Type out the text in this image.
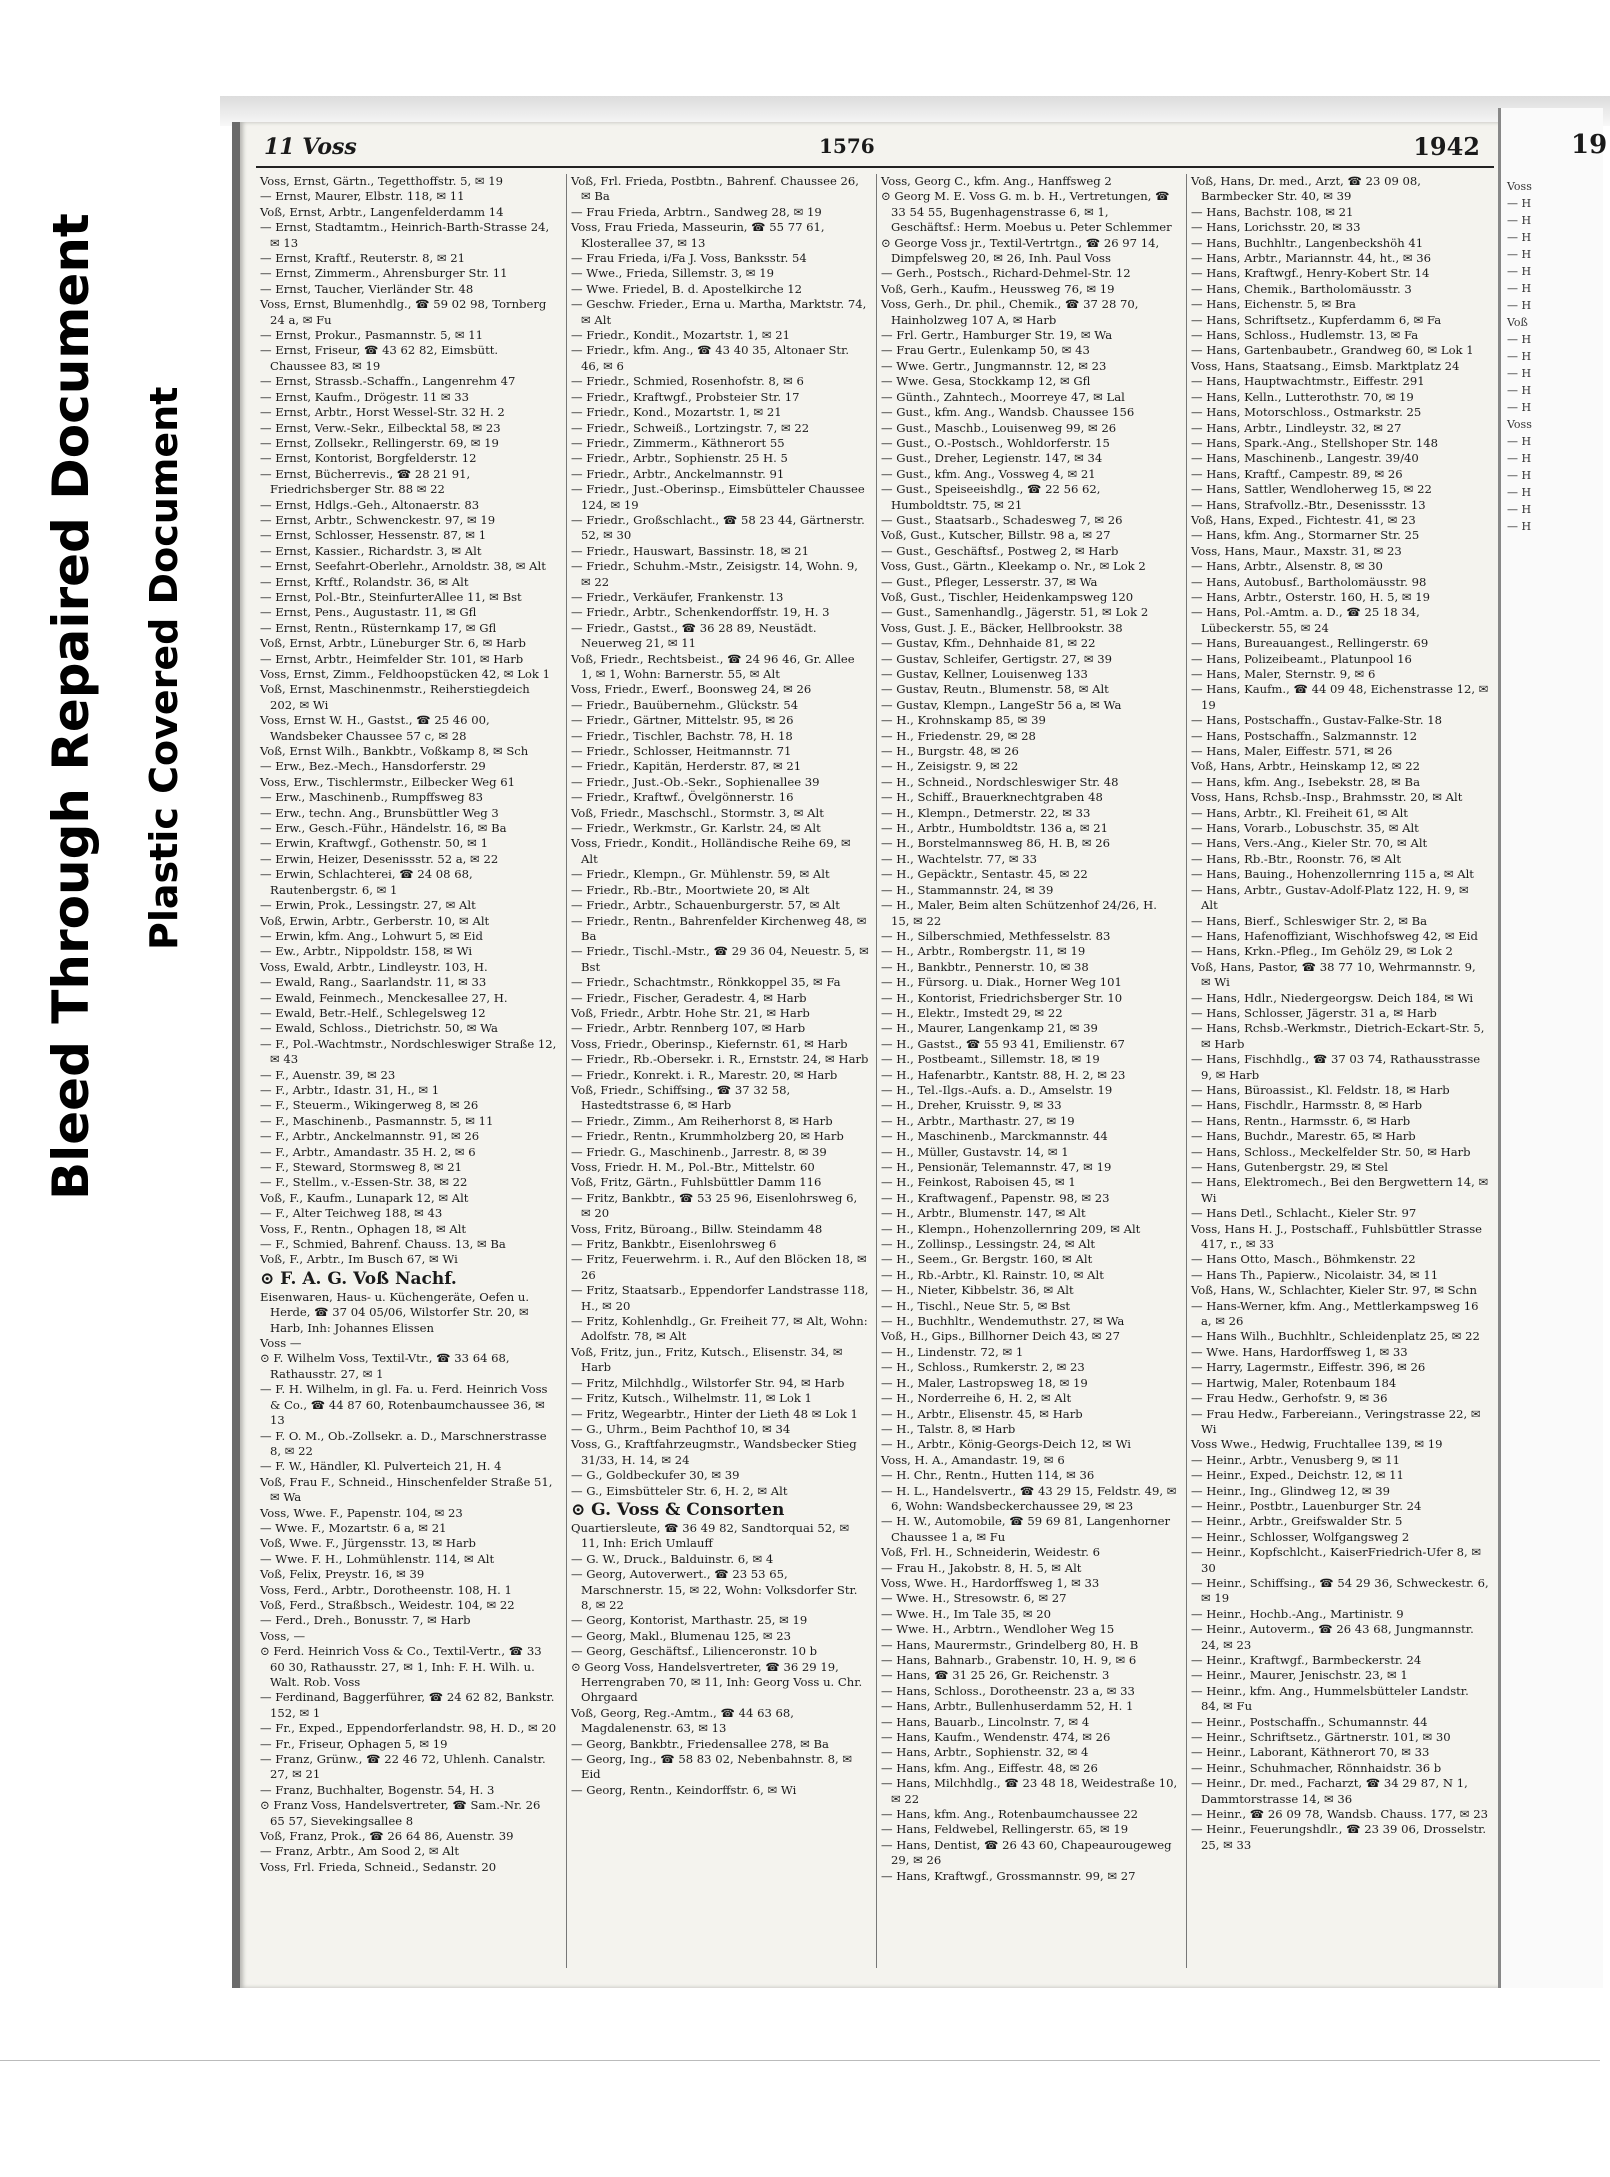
Bleed Through Repaired Document Plastic Covered Document
11 Voss	1576	1942
Voss, Ernst, Gärtn., Tegetthoffstr. 5, ✉ 19
— Ernst, Maurer, Elbstr. 118, ✉ 11
Voß, Ernst, Arbtr., Langenfelderdamm 14
— Ernst, Stadtamtm., Heinrich-Barth-Strasse 24, ✉ 13
— Ernst, Kraftf., Reuterstr. 8, ✉ 21
— Ernst, Zimmerm., Ahrensburger Str. 11
— Ernst, Taucher, Vierländer Str. 48
Voss, Ernst, Blumenhdlg., ☎ 59 02 98, Tornberg 24 a, ✉ Fu
— Ernst, Prokur., Pasmannstr. 5, ✉ 11
— Ernst, Friseur, ☎ 43 62 82, Eimsbütt. Chaussee 83, ✉ 19
— Ernst, Strassb.-Schaffn., Langenrehm 47
— Ernst, Kaufm., Drögestr. 11 ✉ 33
— Ernst, Arbtr., Horst Wessel-Str. 32 H. 2
— Ernst, Verw.-Sekr., Eilbecktal 58, ✉ 23
— Ernst, Zollsekr., Rellingerstr. 69, ✉ 19
— Ernst, Kontorist, Borgfelderstr. 12
— Ernst, Bücherrevis., ☎ 28 21 91, Friedrichsberger Str. 88 ✉ 22
— Ernst, Hdlgs.-Geh., Altonaerstr. 83
— Ernst, Arbtr., Schwenckestr. 97, ✉ 19
— Ernst, Schlosser, Hessenstr. 87, ✉ 1
— Ernst, Kassier., Richardstr. 3, ✉ Alt
— Ernst, Seefahrt-Oberlehr., Arnoldstr. 38, ✉ Alt
— Ernst, Krftf., Rolandstr. 36, ✉ Alt
— Ernst, Pol.-Btr., SteinfurterAllee 11, ✉ Bst
— Ernst, Pens., Augustastr. 11, ✉ Gfl
— Ernst, Rentn., Rüsternkamp 17, ✉ Gfl
Voß, Ernst, Arbtr., Lüneburger Str. 6, ✉ Harb
— Ernst, Arbtr., Heimfelder Str. 101, ✉ Harb
Voss, Ernst, Zimm., Feldhoopstücken 42, ✉ Lok 1
Voß, Ernst, Maschinenmstr., Reiherstiegdeich 202, ✉ Wi
Voss, Ernst W. H., Gastst., ☎ 25 46 00, Wandsbeker Chaussee 57 c, ✉ 28
Voß, Ernst Wilh., Bankbtr., Voßkamp 8, ✉ Sch
— Erw., Bez.-Mech., Hansdorferstr. 29
Voss, Erw., Tischlermstr., Eilbecker Weg 61
— Erw., Maschinenb., Rumpffsweg 83
— Erw., techn. Ang., Brunsbüttler Weg 3
— Erw., Gesch.-Führ., Händelstr. 16, ✉ Ba
— Erwin, Kraftwgf., Gothenstr. 50, ✉ 1
— Erwin, Heizer, Desenissstr. 52 a, ✉ 22
— Erwin, Schlachterei, ☎ 24 08 68, Rautenbergstr. 6, ✉ 1
— Erwin, Prok., Lessingstr. 27, ✉ Alt
Voß, Erwin, Arbtr., Gerberstr. 10, ✉ Alt
— Erwin, kfm. Ang., Lohwurt 5, ✉ Eid
— Ew., Arbtr., Nippoldstr. 158, ✉ Wi
Voss, Ewald, Arbtr., Lindleystr. 103, H.
— Ewald, Rang., Saarlandstr. 11, ✉ 33
— Ewald, Feinmech., Menckesallee 27, H.
— Ewald, Betr.-Helf., Schlegelsweg 12
— Ewald, Schloss., Dietrichstr. 50, ✉ Wa
— F., Pol.-Wachtmstr., Nordschleswiger Straße 12, ✉ 43
— F., Auenstr. 39, ✉ 23
— F., Arbtr., Idastr. 31, H., ✉ 1
— F., Steuerm., Wikingerweg 8, ✉ 26
— F., Maschinenb., Pasmannstr. 5, ✉ 11
— F., Arbtr., Anckelmannstr. 91, ✉ 26
— F., Arbtr., Amandastr. 35 H. 2, ✉ 6
— F., Steward, Stormsweg 8, ✉ 21
— F., Stellm., v.-Essen-Str. 38, ✉ 22
Voß, F., Kaufm., Lunapark 12, ✉ Alt
— F., Alter Teichweg 188, ✉ 43
Voss, F., Rentn., Ophagen 18, ✉ Alt
— F., Schmied, Bahrenf. Chauss. 13, ✉ Ba
Voß, F., Arbtr., Im Busch 67, ✉ Wi
⊙ F. A. G. Voß Nachf.
Eisenwaren, Haus- u. Küchengeräte, Oefen u. Herde, ☎ 37 04 05/06, Wilstorfer Str. 20, ✉ Harb, Inh: Johannes Elissen
Voss —
⊙ F. Wilhelm Voss, Textil-Vtr., ☎ 33 64 68, Rathausstr. 27, ✉ 1
— F. H. Wilhelm, in gl. Fa. u. Ferd. Heinrich Voss & Co., ☎ 44 87 60, Rotenbaumchaussee 36, ✉ 13
— F. O. M., Ob.-Zollsekr. a. D., Marschnerstrasse 8, ✉ 22
— F. W., Händler, Kl. Pulverteich 21, H. 4
Voß, Frau F., Schneid., Hinschenfelder Straße 51, ✉ Wa
Voss, Wwe. F., Papenstr. 104, ✉ 23
— Wwe. F., Mozartstr. 6 a, ✉ 21
Voß, Wwe. F., Jürgensstr. 13, ✉ Harb
— Wwe. F. H., Lohmühlenstr. 114, ✉ Alt
Voß, Felix, Preystr. 16, ✉ 39
Voss, Ferd., Arbtr., Dorotheenstr. 108, H. 1
Voß, Ferd., Straßbsch., Weidestr. 104, ✉ 22
— Ferd., Dreh., Bonusstr. 7, ✉ Harb
Voss, —
⊙ Ferd. Heinrich Voss & Co., Textil-Vertr., ☎ 33 60 30, Rathausstr. 27, ✉ 1, Inh: F. H. Wilh. u. Walt. Rob. Voss
— Ferdinand, Baggerführer, ☎ 24 62 82, Bankstr. 152, ✉ 1
— Fr., Exped., Eppendorferlandstr. 98, H. D., ✉ 20
— Fr., Friseur, Ophagen 5, ✉ 19
— Franz, Grünw., ☎ 22 46 72, Uhlenh. Canalstr. 27, ✉ 21
— Franz, Buchhalter, Bogenstr. 54, H. 3
⊙ Franz Voss, Handelsvertreter, ☎ Sam.-Nr. 26 65 57, Sievekingsallee 8
Voß, Franz, Prok., ☎ 26 64 86, Auenstr. 39
— Franz, Arbtr., Am Sood 2, ✉ Alt
Voss, Frl. Frieda, Schneid., Sedanstr. 20
Voß, Frl. Frieda, Postbtn., Bahrenf. Chaussee 26, ✉ Ba
— Frau Frieda, Arbtrn., Sandweg 28, ✉ 19
Voss, Frau Frieda, Masseurin, ☎ 55 77 61, Klosterallee 37, ✉ 13
— Frau Frieda, i/Fa J. Voss, Banksstr. 54
— Wwe., Frieda, Sillemstr. 3, ✉ 19
— Wwe. Friedel, B. d. Apostelkirche 12
— Geschw. Frieder., Erna u. Martha, Marktstr. 74, ✉ Alt
— Friedr., Kondit., Mozartstr. 1, ✉ 21
— Friedr., kfm. Ang., ☎ 43 40 35, Altonaer Str. 46, ✉ 6
— Friedr., Schmied, Rosenhofstr. 8, ✉ 6
— Friedr., Kraftwgf., Probsteier Str. 17
— Friedr., Kond., Mozartstr. 1, ✉ 21
— Friedr., Schweiß., Lortzingstr. 7, ✉ 22
— Friedr., Zimmerm., Käthnerort 55
— Friedr., Arbtr., Sophienstr. 25 H. 5
— Friedr., Arbtr., Anckelmannstr. 91
— Friedr., Just.-Oberinsp., Eimsbütteler Chaussee 124, ✉ 19
— Friedr., Großschlacht., ☎ 58 23 44, Gärtnerstr. 52, ✉ 30
— Friedr., Hauswart, Bassinstr. 18, ✉ 21
— Friedr., Schuhm.-Mstr., Zeisigstr. 14, Wohn. 9, ✉ 22
— Friedr., Verkäufer, Frankenstr. 13
— Friedr., Arbtr., Schenkendorffstr. 19, H. 3
— Friedr., Gastst., ☎ 36 28 89, Neustädt. Neuerweg 21, ✉ 11
Voß, Friedr., Rechtsbeist., ☎ 24 96 46, Gr. Allee 1, ✉ 1, Wohn: Barnerstr. 55, ✉ Alt
Voss, Friedr., Ewerf., Boonsweg 24, ✉ 26
— Friedr., Bauübernehm., Glückstr. 54
— Friedr., Gärtner, Mittelstr. 95, ✉ 26
— Friedr., Tischler, Bachstr. 78, H. 18
— Friedr., Schlosser, Heitmannstr. 71
— Friedr., Kapitän, Herderstr. 87, ✉ 21
— Friedr., Just.-Ob.-Sekr., Sophienallee 39
— Friedr., Kraftwf., Övelgönnerstr. 16
Voß, Friedr., Maschschl., Stormstr. 3, ✉ Alt
— Friedr., Werkmstr., Gr. Karlstr. 24, ✉ Alt
Voss, Friedr., Kondit., Holländische Reihe 69, ✉ Alt
— Friedr., Klempn., Gr. Mühlenstr. 59, ✉ Alt
— Friedr., Rb.-Btr., Moortwiete 20, ✉ Alt
— Friedr., Arbtr., Schauenburgerstr. 57, ✉ Alt
— Friedr., Rentn., Bahrenfelder Kirchenweg 48, ✉ Ba
— Friedr., Tischl.-Mstr., ☎ 29 36 04, Neuestr. 5, ✉ Bst
— Friedr., Schachtmstr., Rönkkoppel 35, ✉ Fa
— Friedr., Fischer, Geradestr. 4, ✉ Harb
Voß, Friedr., Arbtr. Hohe Str. 21, ✉ Harb
— Friedr., Arbtr. Rennberg 107, ✉ Harb
Voss, Friedr., Oberinsp., Kiefernstr. 61, ✉ Harb
— Friedr., Rb.-Obersekr. i. R., Ernststr. 24, ✉ Harb
— Friedr., Konrekt. i. R., Marestr. 20, ✉ Harb
Voß, Friedr., Schiffsing., ☎ 37 32 58, Hastedtstrasse 6, ✉ Harb
— Friedr., Zimm., Am Reiherhorst 8, ✉ Harb
— Friedr., Rentn., Krummholzberg 20, ✉ Harb
— Friedr. G., Maschinenb., Jarrestr. 8, ✉ 39
Voss, Friedr. H. M., Pol.-Btr., Mittelstr. 60
Voß, Fritz, Gärtn., Fuhlsbüttler Damm 116
— Fritz, Bankbtr., ☎ 53 25 96, Eisenlohrsweg 6, ✉ 20
Voss, Fritz, Büroang., Billw. Steindamm 48
— Fritz, Bankbtr., Eisenlohrsweg 6
— Fritz, Feuerwehrm. i. R., Auf den Blöcken 18, ✉ 26
— Fritz, Staatsarb., Eppendorfer Landstrasse 118, H., ✉ 20
— Fritz, Kohlenhdlg., Gr. Freiheit 77, ✉ Alt, Wohn: Adolfstr. 78, ✉ Alt
Voß, Fritz, jun., Fritz, Kutsch., Elisenstr. 34, ✉ Harb
— Fritz, Milchhdlg., Wilstorfer Str. 94, ✉ Harb
— Fritz, Kutsch., Wilhelmstr. 11, ✉ Lok 1
— Fritz, Wegearbtr., Hinter der Lieth 48 ✉ Lok 1
— G., Uhrm., Beim Pachthof 10, ✉ 34
Voss, G., Kraftfahrzeugmstr., Wandsbecker Stieg 31/33, H. 14, ✉ 24
— G., Goldbeckufer 30, ✉ 39
— G., Eimsbütteler Str. 6, H. 2, ✉ Alt
⊙ G. Voss & Consorten
Quartiersleute, ☎ 36 49 82, Sandtorquai 52, ✉ 11, Inh: Erich Umlauff
— G. W., Druck., Balduinstr. 6, ✉ 4
— Georg, Autoverwert., ☎ 23 53 65, Marschnerstr. 15, ✉ 22, Wohn: Volksdorfer Str. 8, ✉ 22
— Georg, Kontorist, Marthastr. 25, ✉ 19
— Georg, Makl., Blumenau 125, ✉ 23
— Georg, Geschäftsf., Lilienceronstr. 10 b
⊙ Georg Voss, Handelsvertreter, ☎ 36 29 19, Herrengraben 70, ✉ 11, Inh: Georg Voss u. Chr. Ohrgaard
Voß, Georg, Reg.-Amtm., ☎ 44 63 68, Magdalenenstr. 63, ✉ 13
— Georg, Bankbtr., Friedensallee 278, ✉ Ba
— Georg, Ing., ☎ 58 83 02, Nebenbahnstr. 8, ✉ Eid
— Georg, Rentn., Keindorffstr. 6, ✉ Wi
Voss, Georg C., kfm. Ang., Hanffsweg 2
⊙ Georg M. E. Voss G. m. b. H., Vertretungen, ☎ 33 54 55, Bugenhagenstrasse 6, ✉ 1, Geschäftsf.: Herm. Moebus u. Peter Schlemmer
⊙ George Voss jr., Textil-Vertrtgn., ☎ 26 97 14, Dimpfelsweg 20, ✉ 26, Inh. Paul Voss
— Gerh., Postsch., Richard-Dehmel-Str. 12
Voß, Gerh., Kaufm., Heussweg 76, ✉ 19
Voss, Gerh., Dr. phil., Chemik., ☎ 37 28 70, Hainholzweg 107 A, ✉ Harb
— Frl. Gertr., Hamburger Str. 19, ✉ Wa
— Frau Gertr., Eulenkamp 50, ✉ 43
— Wwe. Gertr., Jungmannstr. 12, ✉ 23
— Wwe. Gesa, Stockkamp 12, ✉ Gfl
— Günth., Zahntech., Moorreye 47, ✉ Lal
— Gust., kfm. Ang., Wandsb. Chaussee 156
— Gust., Maschb., Louisenweg 99, ✉ 26
— Gust., O.-Postsch., Wohldorferstr. 15
— Gust., Dreher, Legienstr. 147, ✉ 34
— Gust., kfm. Ang., Vossweg 4, ✉ 21
— Gust., Speiseeishdlg., ☎ 22 56 62, Humboldtstr. 75, ✉ 21
— Gust., Staatsarb., Schadesweg 7, ✉ 26
Voß, Gust., Kutscher, Billstr. 98 a, ✉ 27
— Gust., Geschäftsf., Postweg 2, ✉ Harb
Voss, Gust., Gärtn., Kleekamp o. Nr., ✉ Lok 2
— Gust., Pfleger, Lesserstr. 37, ✉ Wa
Voß, Gust., Tischler, Heidenkampsweg 120
— Gust., Samenhandlg., Jägerstr. 51, ✉ Lok 2
Voss, Gust. J. E., Bäcker, Hellbrookstr. 38
— Gustav, Kfm., Dehnhaide 81, ✉ 22
— Gustav, Schleifer, Gertigstr. 27, ✉ 39
— Gustav, Kellner, Louisenweg 133
— Gustav, Reutn., Blumenstr. 58, ✉ Alt
— Gustav, Klempn., LangeStr 56 a, ✉ Wa
— H., Krohnskamp 85, ✉ 39
— H., Friedenstr. 29, ✉ 28
— H., Burgstr. 48, ✉ 26
— H., Zeisigstr. 9, ✉ 22
— H., Schneid., Nordschleswiger Str. 48
— H., Schiff., Brauerknechtgraben 48
— H., Klempn., Detmerstr. 22, ✉ 33
— H., Arbtr., Humboldtstr. 136 a, ✉ 21
— H., Borstelmannsweg 86, H. B, ✉ 26
— H., Wachtelstr. 77, ✉ 33
— H., Gepäcktr., Sentastr. 45, ✉ 22
— H., Stammannstr. 24, ✉ 39
— H., Maler, Beim alten Schützenhof 24/26, H. 15, ✉ 22
— H., Silberschmied, Methfesselstr. 83
— H., Arbtr., Rombergstr. 11, ✉ 19
— H., Bankbtr., Pennerstr. 10, ✉ 38
— H., Fürsorg. u. Diak., Horner Weg 101
— H., Kontorist, Friedrichsberger Str. 10
— H., Elektr., Imstedt 29, ✉ 22
— H., Maurer, Langenkamp 21, ✉ 39
— H., Gastst., ☎ 55 93 41, Emilienstr. 67
— H., Postbeamt., Sillemstr. 18, ✉ 19
— H., Hafenarbtr., Kantstr. 88, H. 2, ✉ 23
— H., Tel.-Ilgs.-Aufs. a. D., Amselstr. 19
— H., Dreher, Kruisstr. 9, ✉ 33
— H., Arbtr., Marthastr. 27, ✉ 19
— H., Maschinenb., Marckmannstr. 44
— H., Müller, Gustavstr. 14, ✉ 1
— H., Pensionär, Telemannstr. 47, ✉ 19
— H., Feinkost, Raboisen 45, ✉ 1
— H., Kraftwagenf., Papenstr. 98, ✉ 23
— H., Arbtr., Blumenstr. 147, ✉ Alt
— H., Klempn., Hohenzollernring 209, ✉ Alt
— H., Zollinsp., Lessingstr. 24, ✉ Alt
— H., Seem., Gr. Bergstr. 160, ✉ Alt
— H., Rb.-Arbtr., Kl. Rainstr. 10, ✉ Alt
— H., Nieter, Kibbelstr. 36, ✉ Alt
— H., Tischl., Neue Str. 5, ✉ Bst
— H., Buchhltr., Wendemuthstr. 27, ✉ Wa
Voß, H., Gips., Billhorner Deich 43, ✉ 27
— H., Lindenstr. 72, ✉ 1
— H., Schloss., Rumkerstr. 2, ✉ 23
— H., Maler, Lastropsweg 18, ✉ 19
— H., Norderreihe 6, H. 2, ✉ Alt
— H., Arbtr., Elisenstr. 45, ✉ Harb
— H., Talstr. 8, ✉ Harb
— H., Arbtr., König-Georgs-Deich 12, ✉ Wi
Voss, H. A., Amandastr. 19, ✉ 6
— H. Chr., Rentn., Hutten 114, ✉ 36
— H. L., Handelsvertr., ☎ 43 29 15, Feldstr. 49, ✉ 6, Wohn: Wandsbeckerchaussee 29, ✉ 23
— H. W., Automobile, ☎ 59 69 81, Langenhorner Chaussee 1 a, ✉ Fu
Voß, Frl. H., Schneiderin, Weidestr. 6
— Frau H., Jakobstr. 8, H. 5, ✉ Alt
Voss, Wwe. H., Hardorffsweg 1, ✉ 33
— Wwe. H., Stresowstr. 6, ✉ 27
— Wwe. H., Im Tale 35, ✉ 20
— Wwe. H., Arbtrn., Wendloher Weg 15
— Hans, Maurermstr., Grindelberg 80, H. B
— Hans, Bahnarb., Grabenstr. 10, H. 9, ✉ 6
— Hans, ☎ 31 25 26, Gr. Reichenstr. 3
— Hans, Schloss., Dorotheenstr. 23 a, ✉ 33
— Hans, Arbtr., Bullenhuserdamm 52, H. 1
— Hans, Bauarb., Lincolnstr. 7, ✉ 4
— Hans, Kaufm., Wendenstr. 474, ✉ 26
— Hans, Arbtr., Sophienstr. 32, ✉ 4
— Hans, kfm. Ang., Eiffestr. 48, ✉ 26
— Hans, Milchhdlg., ☎ 23 48 18, Weidestraße 10, ✉ 22
— Hans, kfm. Ang., Rotenbaumchaussee 22
— Hans, Feldwebel, Rellingerstr. 65, ✉ 19
— Hans, Dentist, ☎ 26 43 60, Chapeaurougeweg 29, ✉ 26
— Hans, Kraftwgf., Grossmannstr. 99, ✉ 27
Voß, Hans, Dr. med., Arzt, ☎ 23 09 08, Barmbecker Str. 40, ✉ 39
— Hans, Bachstr. 108, ✉ 21
— Hans, Lorichsstr. 20, ✉ 33
— Hans, Buchhltr., Langenbeckshöh 41
— Hans, Arbtr., Mariannstr. 44, ht., ✉ 36
— Hans, Kraftwgf., Henry-Kobert Str. 14
— Hans, Chemik., Bartholomäusstr. 3
— Hans, Eichenstr. 5, ✉ Bra
— Hans, Schriftsetz., Kupferdamm 6, ✉ Fa
— Hans, Schloss., Hudlemstr. 13, ✉ Fa
— Hans, Gartenbaubetr., Grandweg 60, ✉ Lok 1
Voss, Hans, Staatsang., Eimsb. Marktplatz 24
— Hans, Hauptwachtmstr., Eiffestr. 291
— Hans, Kelln., Lutterothstr. 70, ✉ 19
— Hans, Motorschloss., Ostmarkstr. 25
— Hans, Arbtr., Lindleystr. 32, ✉ 27
— Hans, Spark.-Ang., Stellshoper Str. 148
— Hans, Maschinenb., Langestr. 39/40
— Hans, Kraftf., Campestr. 89, ✉ 26
— Hans, Sattler, Wendloherweg 15, ✉ 22
— Hans, Strafvollz.-Btr., Desenissstr. 13
Voß, Hans, Exped., Fichtestr. 41, ✉ 23
— Hans, kfm. Ang., Stormarner Str. 25
Voss, Hans, Maur., Maxstr. 31, ✉ 23
— Hans, Arbtr., Alsenstr. 8, ✉ 30
— Hans, Autobusf., Bartholomäusstr. 98
— Hans, Arbtr., Osterstr. 160, H. 5, ✉ 19
— Hans, Pol.-Amtm. a. D., ☎ 25 18 34, Lübeckerstr. 55, ✉ 24
— Hans, Bureauangest., Rellingerstr. 69
— Hans, Polizeibeamt., Platunpool 16
— Hans, Maler, Sternstr. 9, ✉ 6
— Hans, Kaufm., ☎ 44 09 48, Eichenstrasse 12, ✉ 19
— Hans, Postschaffn., Gustav-Falke-Str. 18
— Hans, Postschaffn., Salzmannstr. 12
— Hans, Maler, Eiffestr. 571, ✉ 26
Voß, Hans, Arbtr., Heinskamp 12, ✉ 22
— Hans, kfm. Ang., Isebekstr. 28, ✉ Ba
Voss, Hans, Rchsb.-Insp., Brahmsstr. 20, ✉ Alt
— Hans, Arbtr., Kl. Freiheit 61, ✉ Alt
— Hans, Vorarb., Lobuschstr. 35, ✉ Alt
— Hans, Vers.-Ang., Kieler Str. 70, ✉ Alt
— Hans, Rb.-Btr., Roonstr. 76, ✉ Alt
— Hans, Bauing., Hohenzollernring 115 a, ✉ Alt
— Hans, Arbtr., Gustav-Adolf-Platz 122, H. 9, ✉ Alt
— Hans, Bierf., Schleswiger Str. 2, ✉ Ba
— Hans, Hafenoffiziant, Wischhofsweg 42, ✉ Eid
— Hans, Krkn.-Pfleg., Im Gehölz 29, ✉ Lok 2
Voß, Hans, Pastor, ☎ 38 77 10, Wehrmannstr. 9, ✉ Wi
— Hans, Hdlr., Niedergeorgsw. Deich 184, ✉ Wi
— Hans, Schlosser, Jägerstr. 31 a, ✉ Harb
— Hans, Rchsb.-Werkmstr., Dietrich-Eckart-Str. 5, ✉ Harb
— Hans, Fischhdlg., ☎ 37 03 74, Rathausstrasse 9, ✉ Harb
— Hans, Büroassist., Kl. Feldstr. 18, ✉ Harb
— Hans, Fischdlr., Harmsstr. 8, ✉ Harb
— Hans, Rentn., Harmsstr. 6, ✉ Harb
— Hans, Buchdr., Marestr. 65, ✉ Harb
— Hans, Schloss., Meckelfelder Str. 50, ✉ Harb
— Hans, Gutenbergstr. 29, ✉ Stel
— Hans, Elektromech., Bei den Bergwettern 14, ✉ Wi
— Hans Detl., Schlacht., Kieler Str. 97
Voss, Hans H. J., Postschaff., Fuhlsbüttler Strasse 417, r., ✉ 33
— Hans Otto, Masch., Böhmkenstr. 22
— Hans Th., Papierw., Nicolaistr. 34, ✉ 11
Voß, Hans, W., Schlachter, Kieler Str. 97, ✉ Schn
— Hans-Werner, kfm. Ang., Mettlerkampsweg 16 a, ✉ 26
— Hans Wilh., Buchhltr., Schleidenplatz 25, ✉ 22
— Wwe. Hans, Hardorffsweg 1, ✉ 33
— Harry, Lagermstr., Eiffestr. 396, ✉ 26
— Hartwig, Maler, Rotenbaum 184
— Frau Hedw., Gerhofstr. 9, ✉ 36
— Frau Hedw., Farbereiann., Veringstrasse 22, ✉ Wi
Voss Wwe., Hedwig, Fruchtallee 139, ✉ 19
— Heinr., Arbtr., Venusberg 9, ✉ 11
— Heinr., Exped., Deichstr. 12, ✉ 11
— Heinr., Ing., Glindweg 12, ✉ 39
— Heinr., Postbtr., Lauenburger Str. 24
— Heinr., Arbtr., Greifswalder Str. 5
— Heinr., Schlosser, Wolfgangsweg 2
— Heinr., Kopfschlcht., KaiserFriedrich-Ufer 8, ✉ 30
— Heinr., Schiffsing., ☎ 54 29 36, Schweckestr. 6, ✉ 19
— Heinr., Hochb.-Ang., Martinistr. 9
— Heinr., Autoverm., ☎ 26 43 68, Jungmannstr. 24, ✉ 23
— Heinr., Kraftwgf., Barmbeckerstr. 24
— Heinr., Maurer, Jenischstr. 23, ✉ 1
— Heinr., kfm. Ang., Hummelsbütteler Landstr. 84, ✉ Fu
— Heinr., Postschaffn., Schumannstr. 44
— Heinr., Schriftsetz., Gärtnerstr. 101, ✉ 30
— Heinr., Laborant, Käthnerort 70, ✉ 33
— Heinr., Schuhmacher, Rönnhaidstr. 36 b
— Heinr., Dr. med., Facharzt, ☎ 34 29 87, N 1, Dammtorstrasse 14, ✉ 36
— Heinr., ☎ 26 09 78, Wandsb. Chauss. 177, ✉ 23
— Heinr., Feuerungshdlr., ☎ 23 39 06, Drosselstr. 25, ✉ 33
19
Voss
— H
— H
— H
— H
— H
— H
— H
Voß
— H
— H
— H
— H
— H
Voss
— H
— H
— H
— H
— H
— H
